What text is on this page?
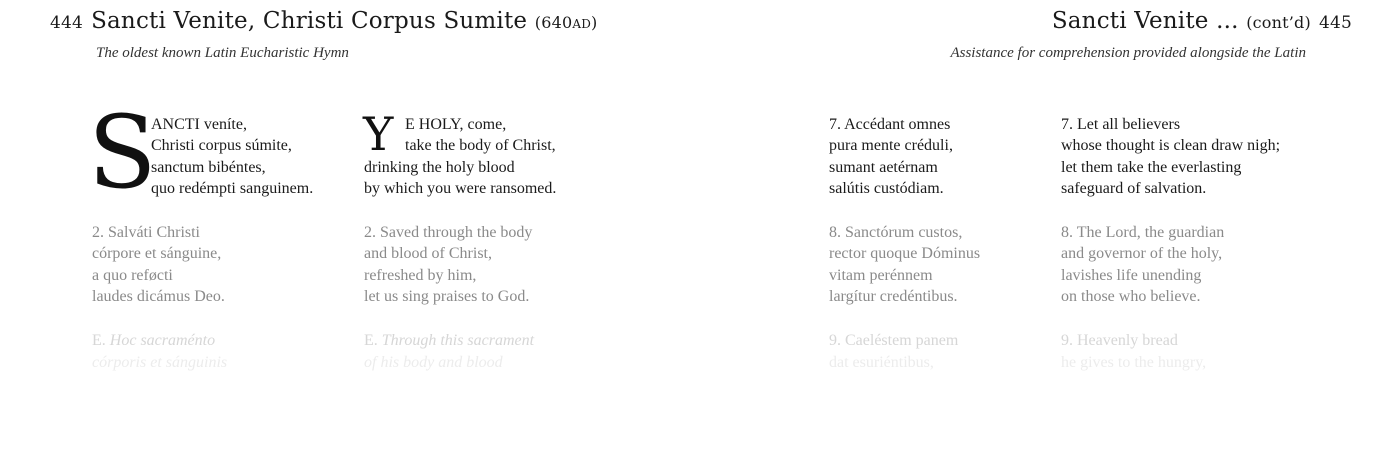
444 Sancti Venite, Christi Corpus Sumite (640AD)
The oldest known Latin Eucharistic Hymn
Sancti Venite ... (cont’d) 445
Assistance for comprehension provided alongside the Latin
S
ANCTI veníte,
Christi corpus súmite,
sanctum bibéntes,
quo redémpti sanguinem.
2. Salváti Christi
córpore et sánguine,
a quo reføcti
laudes dicámus Deo.
E. Hoc sacraménto
córporis et sánguinis
Y E HOLY, come,
take the body of Christ,
drinking the holy blood
by which you were ransomed.
2. Saved through the body
and blood of Christ,
refreshed by him,
let us sing praises to God.
E. Through this sacrament
of his body and blood
7. Accédant omnes
pura mente créduli,
sumant aetérnam
salútis custódiam.
8. Sanctórum custos,
rector quoque Dóminus
vitam perénnem
largítur credéntibus.
9. Caeléstem panem
dat esuriéntibus,
7. Let all believers
whose thought is clean draw nigh;
let them take the everlasting
safeguard of salvation.
8. The Lord, the guardian
and governor of the holy,
lavishes life unending
on those who believe.
9. Heavenly bread
he gives to the hungry,
